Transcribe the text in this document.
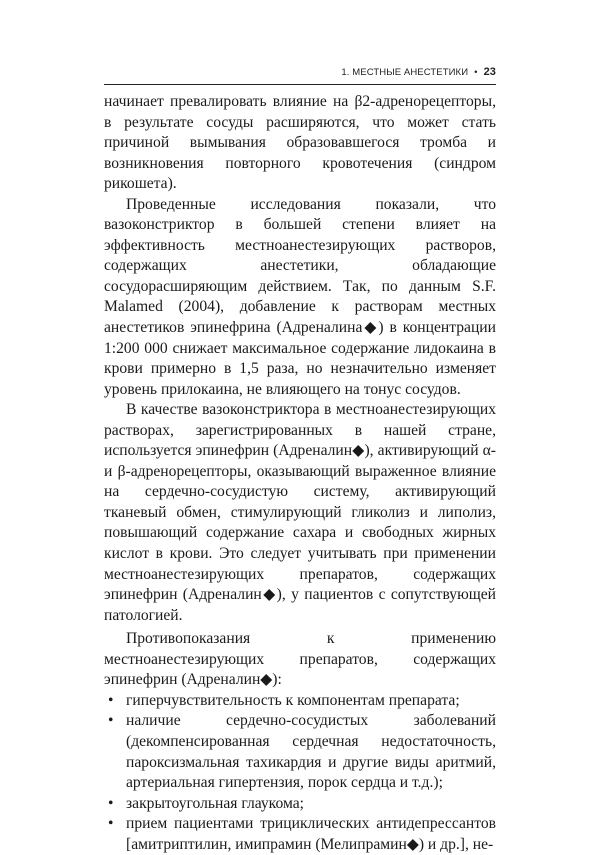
1. МЕСТНЫЕ АНЕСТЕТИКИ • 23

начинает превалировать влияние на β2-адренорецепторы, в результате сосуды расширяются, что может стать причиной вымывания образовавшегося тромба и возникновения повторного кровотечения (синдром рикошета).

Проведенные исследования показали, что вазоконстриктор в большей степени влияет на эффективность местноанестезирующих растворов, содержащих анестетики, обладающие сосудорасширяющим действием. Так, по данным S.F. Malamed (2004), добавление к растворам местных анестетиков эпинефрина (Адреналина◆) в концентрации 1:200 000 снижает максимальное содержание лидокаина в крови примерно в 1,5 раза, но незначительно изменяет уровень прилокаина, не влияющего на тонус сосудов.

В качестве вазоконстриктора в местноанестезирующих растворах, зарегистрированных в нашей стране, используется эпинефрин (Адреналин◆), активирующий α- и β-адренорецепторы, оказывающий выраженное влияние на сердечно-сосудистую систему, активирующий тканевый обмен, стимулирующий гликолиз и липолиз, повышающий содержание сахара и свободных жирных кислот в крови. Это следует учитывать при применении местноанестезирующих препаратов, содержащих эпинефрин (Адреналин◆), у пациентов с сопутствующей патологией.

Противопоказания к применению местноанестезирующих препаратов, содержащих эпинефрин (Адреналин◆):

• гиперчувствительность к компонентам препарата;
• наличие сердечно-сосудистых заболеваний (декомпенсированная сердечная недостаточность, пароксизмальная тахикардия и другие виды аритмий, артериальная гипертензия, порок сердца и т.д.);
• закрытоугольная глаукома;
• прием пациентами трициклических антидепрессантов [амитриптилин, имипрамин (Мелипрамин◆) и др.], не-
